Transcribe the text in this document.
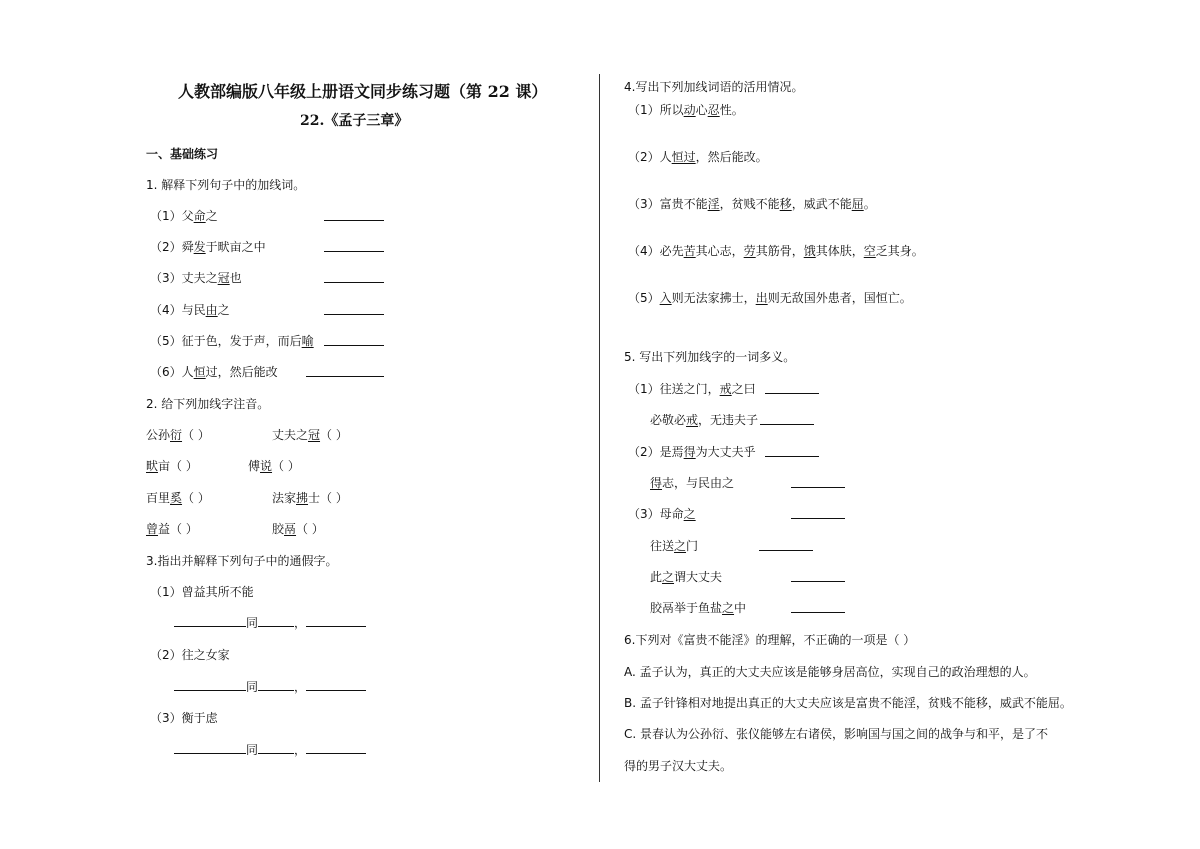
人教部编版八年级上册语文同步练习题（第 22 课）
22.《孟子三章》
一、基础练习
1. 解释下列句子中的加线词。
（1）父命之
（2）舜发于畎亩之中
（3）丈夫之冠也
（4）与民由之
（5）征于色，发于声，而后喻
（6）人恒过，然后能改
2. 给下列加线字注音。
公孙衍（ ）	丈夫之冠（ ）
畎亩（ ）	傅说（ ）
百里奚（ ）	法家拂士（ ）
曾益（ ）	胶鬲（ ）
3.指出并解释下列句子中的通假字。
（1）曾益其所不能
同	，
（2）往之女家
同	，
（3）衡于虑
同	，
4.写出下列加线词语的活用情况。
（1）所以动心忍性。
（2）人恒过，然后能改。
（3）富贵不能淫，贫贱不能移，威武不能屈。
（4）必先苦其心志，劳其筋骨，饿其体肤，空乏其身。
（5）入则无法家拂士，出则无敌国外患者，国恒亡。
5. 写出下列加线字的一词多义。
（1）往送之门，戒之曰
必敬必戒，无违夫子
（2）是焉得为大丈夫乎
得志，与民由之
（3）母命之
往送之门
此之谓大丈夫
胶鬲举于鱼盐之中
6.下列对《富贵不能淫》的理解，不正确的一项是（ ）
A. 孟子认为，真正的大丈夫应该是能够身居高位，实现自己的政治理想的人。
B. 孟子针锋相对地提出真正的大丈夫应该是富贵不能淫，贫贱不能移，威武不能屈。
C. 景春认为公孙衍、张仪能够左右诸侯，影响国与国之间的战争与和平，是了不
得的男子汉大丈夫。
